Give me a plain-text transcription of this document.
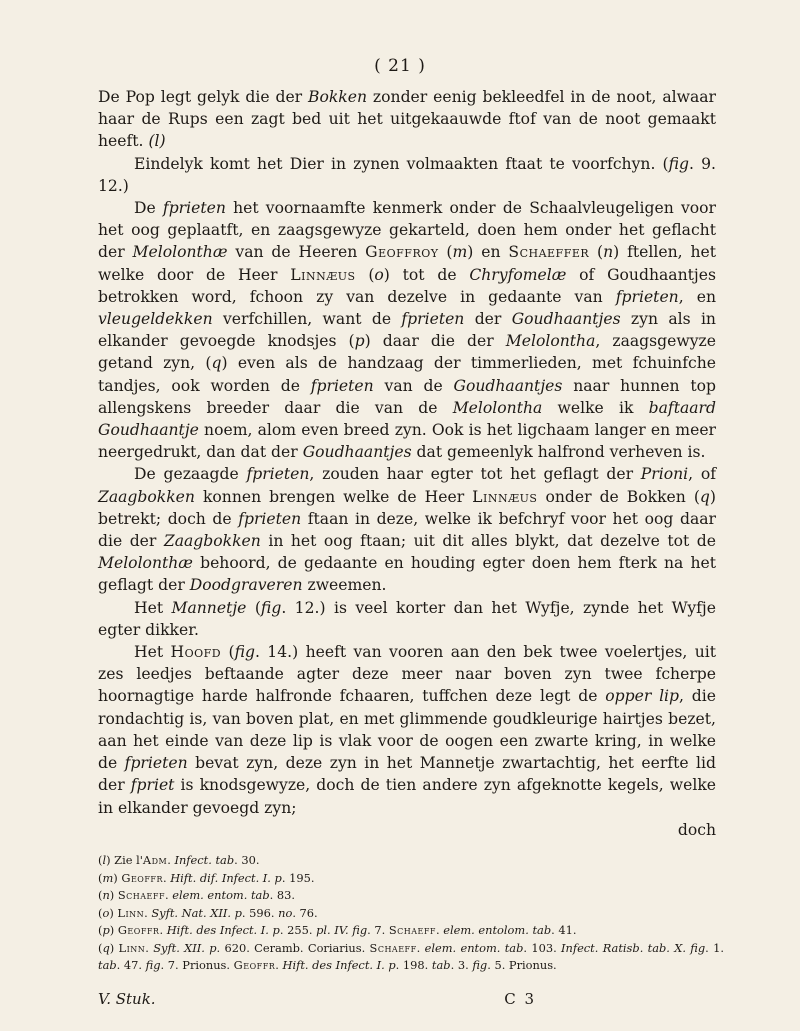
( 21 )

De Pop legt gelyk die der Bokken zonder eenig bekleedfel in de noot, alwaar haar de Rups een zagt bed uit het uitgekaauwde ftof van de noot gemaakt heeft. (l)

Eindelyk komt het Dier in zynen volmaakten ftaat te voorfchyn. (fig. 9. 12.)

De fprieten het voornaamfte kenmerk onder de Schaalvleugeligen voor het oog geplaatft, en zaagsgewyze gekarteld, doen hem onder het geflacht der Melolonthæ van de Heeren Geoffroy (m) en Schaeffer (n) ftellen, het welke door de Heer Linnæus (o) tot de Chryfomelæ of Goudhaantjes betrokken word, fchoon zy van dezelve in gedaante van fprieten, en vleugeldekken verfchillen, want de fprieten der Goudhaantjes zyn als in elkander gevoegde knodsjes (p) daar die der Melolontha, zaagsgewyze getand zyn, (q) even als de handzaag der timmerlieden, met fchuinfche tandjes, ook worden de fprieten van de Goudhaantjes naar hunnen top allengskens breeder daar die van de Melolontha welke ik baftaard Goudhaantje noem, alom even breed zyn. Ook is het ligchaam langer en meer neergedrukt, dan dat der Goudhaantjes dat gemeenlyk halfrond verheven is.

De gezaagde fprieten, zouden haar egter tot het geflagt der Prioni, of Zaagbokken konnen brengen welke de Heer Linnæus onder de Bokken (q) betrekt; doch de fprieten ftaan in deze, welke ik befchryf voor het oog daar die der Zaagbokken in het oog ftaan; uit dit alles blykt, dat dezelve tot de Melolonthæ behoord, de gedaante en houding egter doen hem fterk na het geflagt der Doodgraveren zweemen.

Het Mannetje (fig. 12.) is veel korter dan het Wyfje, zynde het Wyfje egter dikker.

Het Hoofd (fig. 14.) heeft van vooren aan den bek twee voelertjes, uit zes leedjes beftaande agter deze meer naar boven zyn twee fcherpe hoornagtige harde halfronde fchaaren, tuffchen deze legt de opper lip, die rondachtig is, van boven plat, en met glimmende goudkleurige hairtjes bezet, aan het einde van deze lip is vlak voor de oogen een zwarte kring, in welke de fprieten bevat zyn, deze zyn in het Mannetje zwartachtig, het eerfte lid der fpriet is knodsgewyze, doch de tien andere zyn afgeknotte kegels, welke in elkander gevoegd zyn;

doch

(l) Zie l'Adm. Infect. tab. 30.

(m) Geoffr. Hift. dif. Infect. I. p. 195.

(n) Schaeff. elem. entom. tab. 83.

(o) Linn. Syft. Nat. XII. p. 596. no. 76.

(p) Geoffr. Hift. des Infect. I. p. 255. pl. IV. fig. 7. Schaeff. elem. entolom. tab. 41.

(q) Linn. Syft. XII. p. 620. Ceramb. Coriarius. Schaeff. elem. entom. tab. 103. Infect. Ratisb. tab. X. fig. 1. tab. 47. fig. 7. Prionus. Geoffr. Hift. des Infect. I. p. 198. tab. 3. fig. 5. Prionus.

V. Stuk.	C 3
